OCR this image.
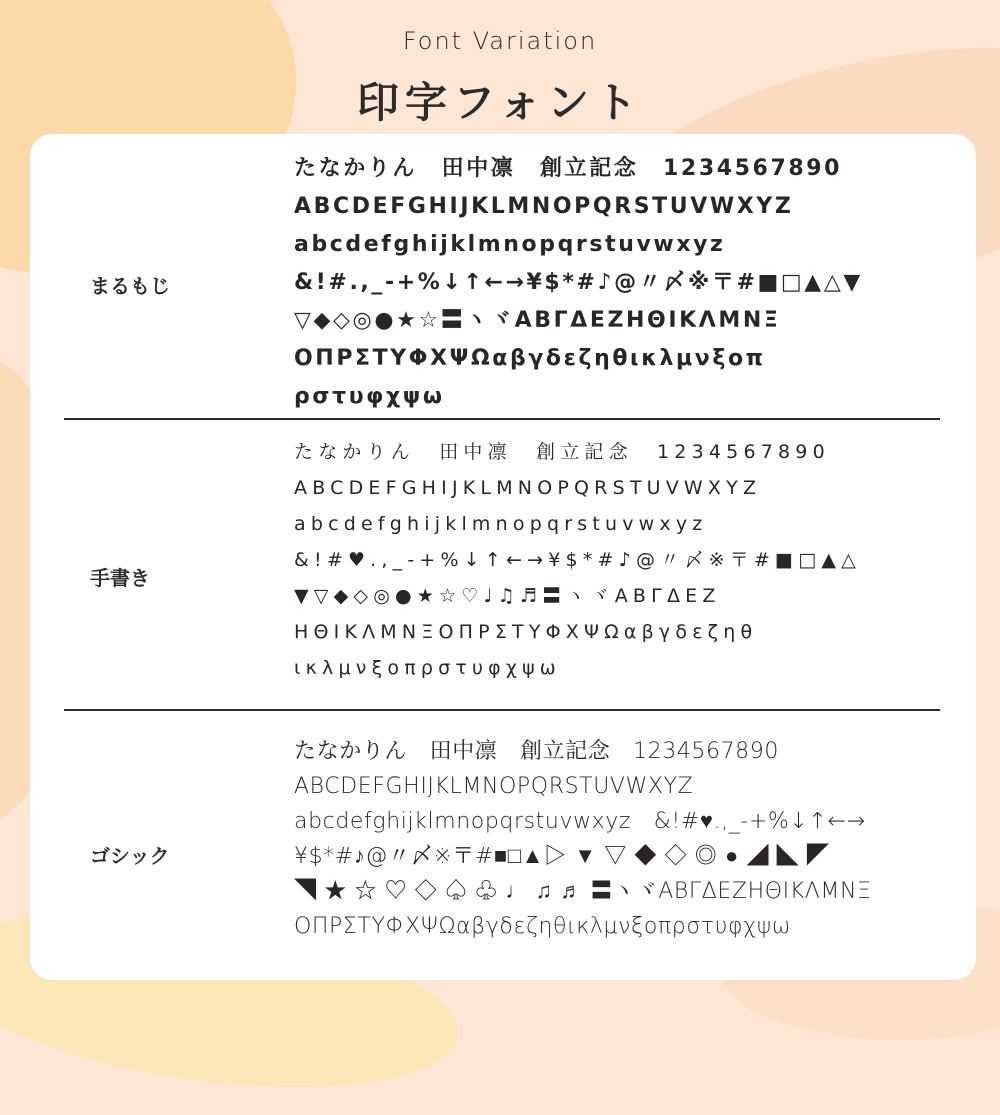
Font Variation
印字フォント
まるもじ
たなかりん　田中凛　創立記念　1234567890
ABCDEFGHIJKLMNOPQRSTUVWXYZ
abcdefghijklmnopqrstuvwxyz
&!#.,_-+%↓↑←→¥$*#♪@〃〆※〒#■□▲△▼
▽◆◇◎●★☆〓ヽヾΑΒΓΔΕΖΗΘΙΚΛΜΝΞ
ΟΠΡΣΤΥΦΧΨΩαβγδεζηθικλμνξοπ
ρστυφχψω
手書き
たなかりん　田中凛　創立記念　1234567890
ABCDEFGHIJKLMNOPQRSTUVWXYZ
abcdefghijklmnopqrstuvwxyz
&!#♥.,_-+%↓↑←→¥$*#♪@〃〆※〒#■□▲△
▼▽◆◇◎●★☆♡♩♫♬〓ヽヾΑΒΓΔΕΖ
ΗΘΙΚΛΜΝΞΟΠΡΣΤΥΦΧΨΩαβγδεζηθ
ικλμνξοπρστυφχψω
ゴシック
たなかりん　田中凛　創立記念　1234567890
ABCDEFGHIJKLMNOPQRSTUVWXYZ
abcdefghijklmnopqrstuvwxyz　&!#♥.,_-+%↓↑←→
¥$*#♪@〃〆※〒#■□▲▷ ▼ ▽ ◆ ◇ ◎ ● ◢ ◣ ◤
◥ ★ ☆ ♡ ◇ ♤ ♧ ♩ ♫ ♬ 〓ヽヾΑΒΓΔΕΖΗΘΙΚΛΜΝΞ
ΟΠΡΣΤΥΦΧΨΩαβγδεζηθικλμνξοπρστυφχψω
